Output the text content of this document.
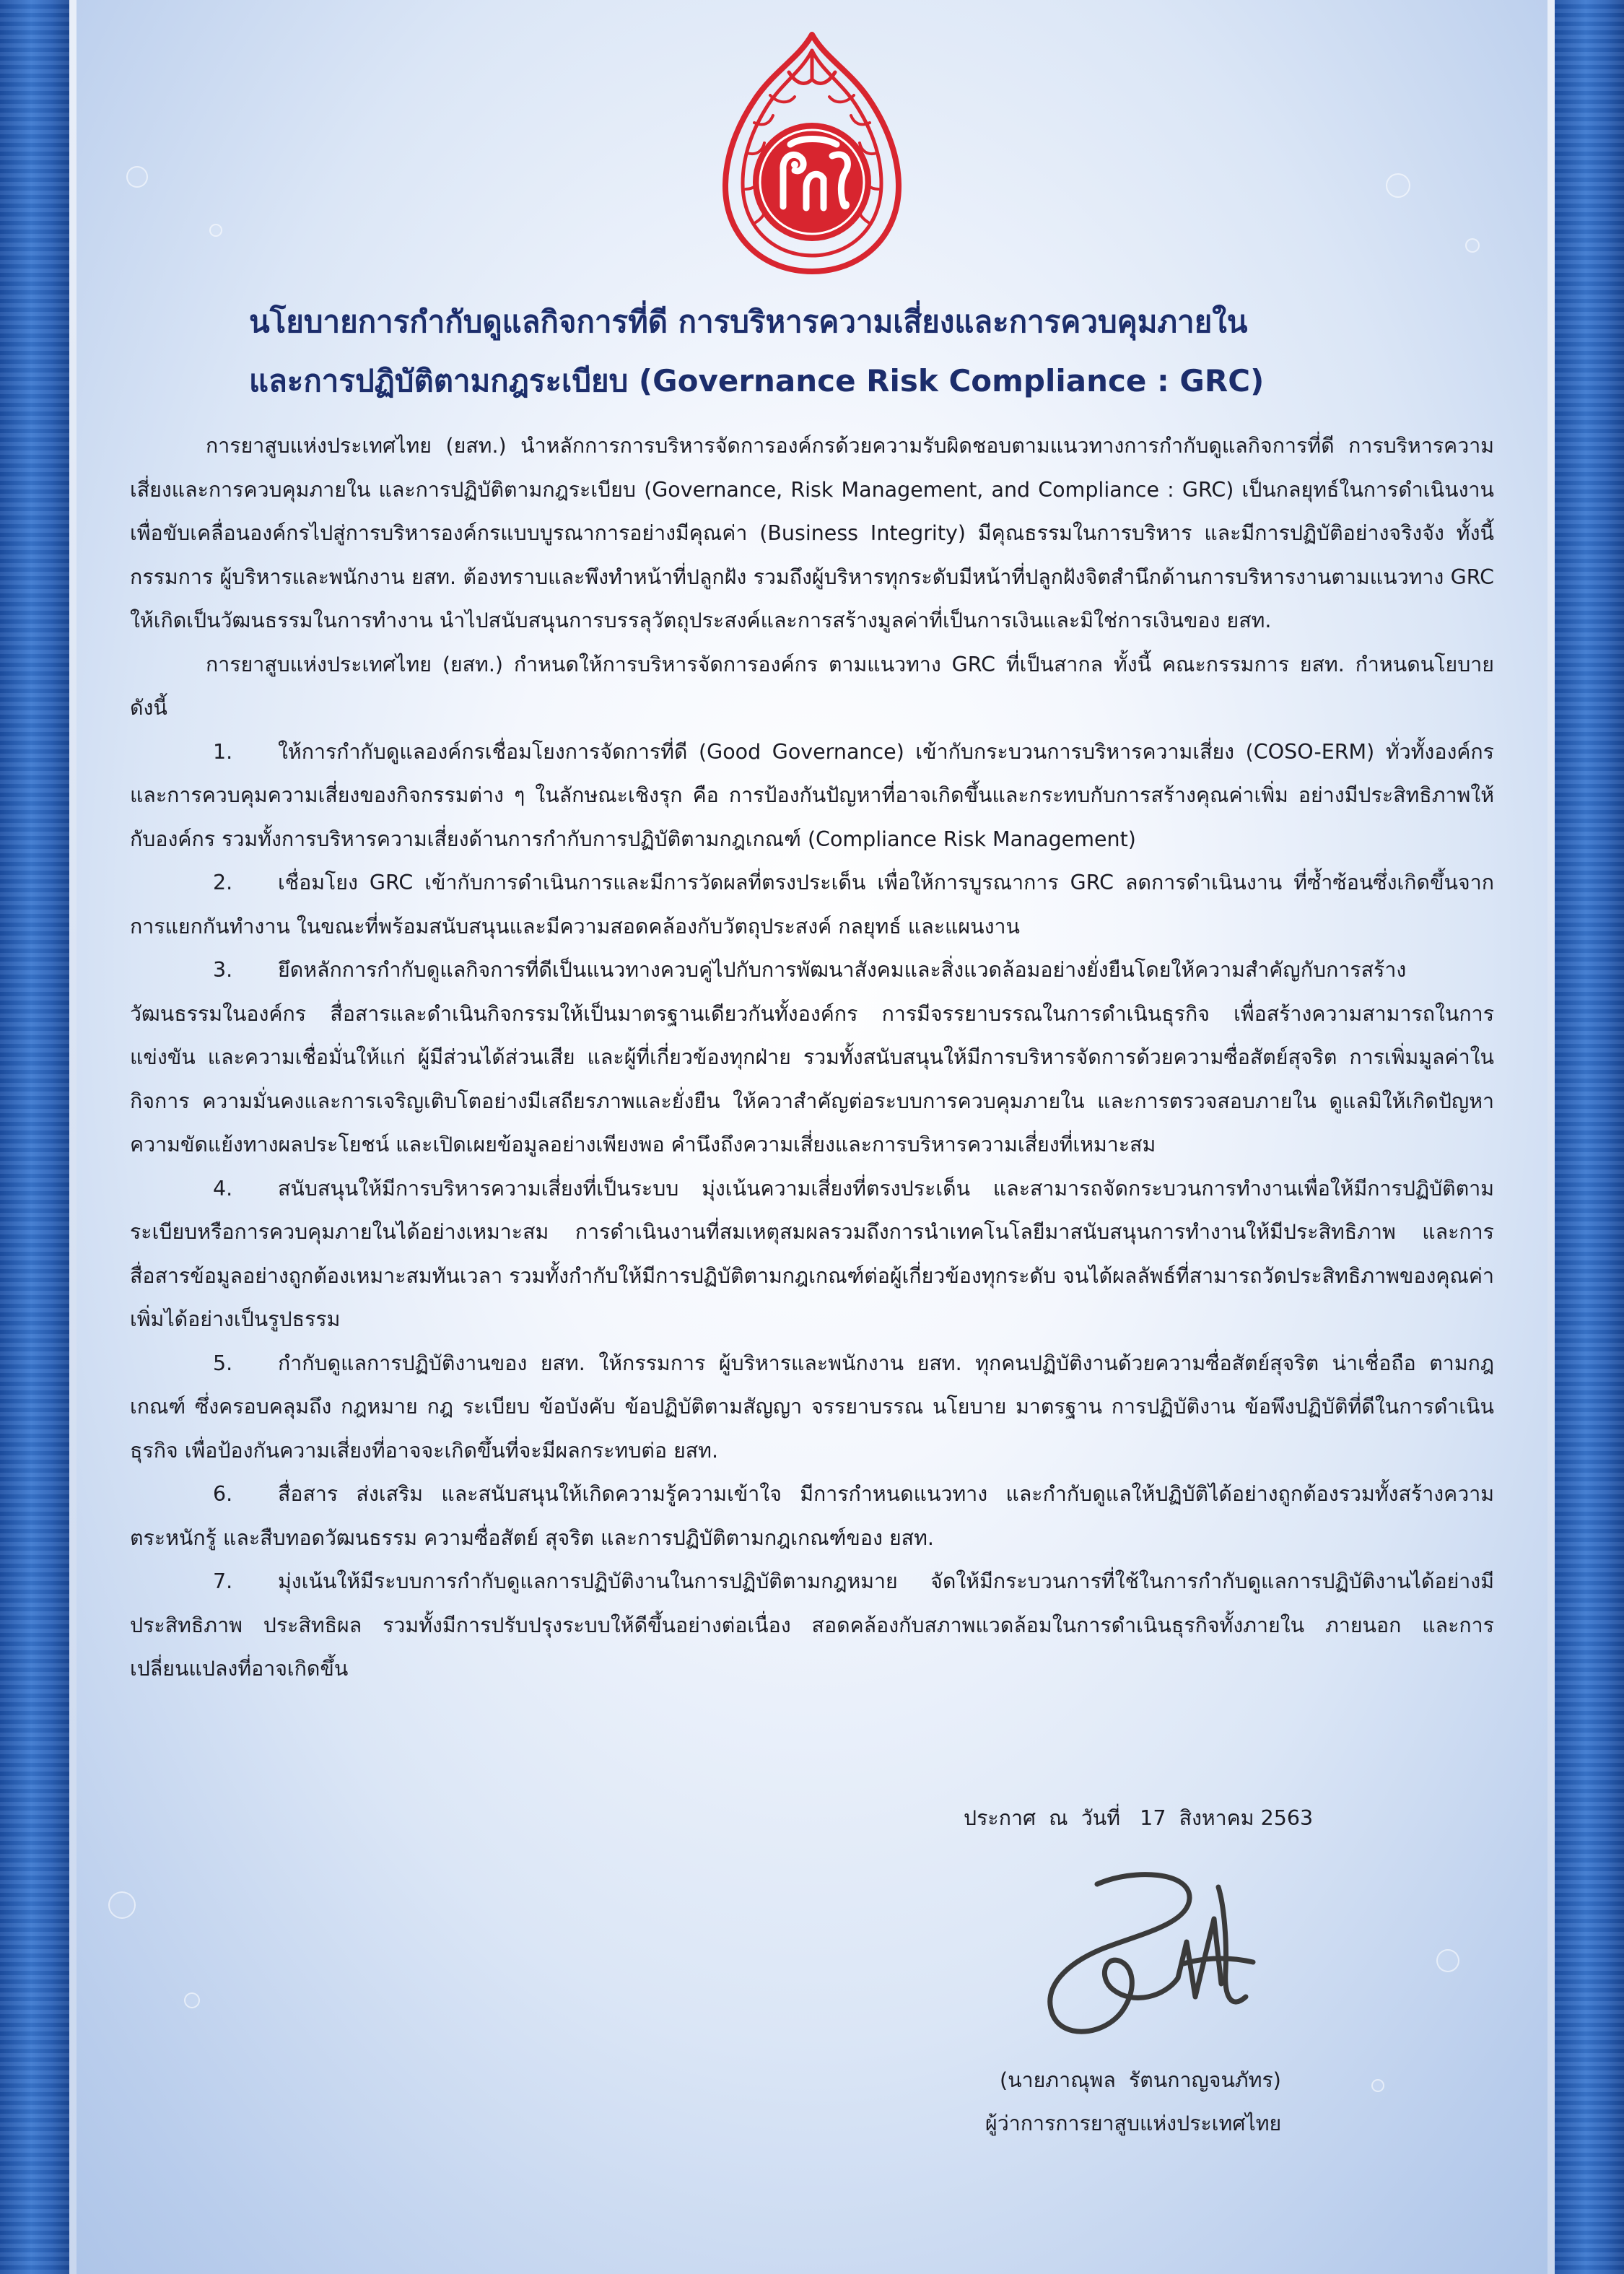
นโยบายการกำกับดูแลกิจการที่ดี การบริหารความเสี่ยงและการควบคุมภายใน
และการปฏิบัติตามกฎระเบียบ (Governance Risk Compliance : GRC)

การยาสูบแห่งประเทศไทย (ยสท.) นำหลักการการบริหารจัดการองค์กรด้วยความรับผิดชอบตามแนวทางการกำกับดูแลกิจการที่ดี การบริหารความเสี่ยงและการควบคุมภายใน และการปฏิบัติตามกฎระเบียบ (Governance, Risk Management, and Compliance : GRC) เป็นกลยุทธ์ในการดำเนินงาน เพื่อขับเคลื่อนองค์กรไปสู่การบริหารองค์กรแบบบูรณาการอย่างมีคุณค่า (Business Integrity) มีคุณธรรมในการบริหาร และมีการปฏิบัติอย่างจริงจัง ทั้งนี้ กรรมการ ผู้บริหารและพนักงาน ยสท. ต้องทราบและพึงทำหน้าที่ปลูกฝัง รวมถึงผู้บริหารทุกระดับมีหน้าที่ปลูกฝังจิตสำนึกด้านการบริหารงานตามแนวทาง GRC ให้เกิดเป็นวัฒนธรรมในการทำงาน นำไปสนับสนุนการบรรลุวัตถุประสงค์และการสร้างมูลค่าที่เป็นการเงินและมิใช่การเงินของ ยสท.

การยาสูบแห่งประเทศไทย (ยสท.) กำหนดให้การบริหารจัดการองค์กร ตามแนวทาง GRC ที่เป็นสากล ทั้งนี้ คณะกรรมการ ยสท. กำหนดนโยบาย ดังนี้

1. ให้การกำกับดูแลองค์กรเชื่อมโยงการจัดการที่ดี (Good Governance) เข้ากับกระบวนการบริหารความเสี่ยง (COSO-ERM) ทั่วทั้งองค์กร และการควบคุมความเสี่ยงของกิจกรรมต่าง ๆ ในลักษณะเชิงรุก คือ การป้องกันปัญหาที่อาจเกิดขึ้นและกระทบกับการสร้างคุณค่าเพิ่ม อย่างมีประสิทธิภาพให้กับองค์กร รวมทั้งการบริหารความเสี่ยงด้านการกำกับการปฏิบัติตามกฎเกณฑ์ (Compliance Risk Management)

2. เชื่อมโยง GRC เข้ากับการดำเนินการและมีการวัดผลที่ตรงประเด็น เพื่อให้การบูรณาการ GRC ลดการดำเนินงาน ที่ซ้ำซ้อนซึ่งเกิดขึ้นจากการแยกกันทำงาน ในขณะที่พร้อมสนับสนุนและมีความสอดคล้องกับวัตถุประสงค์ กลยุทธ์ และแผนงาน

3. ยึดหลักการกำกับดูแลกิจการที่ดีเป็นแนวทางควบคู่ไปกับการพัฒนาสังคมและสิ่งแวดล้อมอย่างยั่งยืนโดยให้ความสำคัญกับการสร้างวัฒนธรรมในองค์กร สื่อสารและดำเนินกิจกรรมให้เป็นมาตรฐานเดียวกันทั้งองค์กร การมีจรรยาบรรณในการดำเนินธุรกิจ เพื่อสร้างความสามารถในการแข่งขัน และความเชื่อมั่นให้แก่ ผู้มีส่วนได้ส่วนเสีย และผู้ที่เกี่ยวข้องทุกฝ่าย รวมทั้งสนับสนุนให้มีการบริหารจัดการด้วยความซื่อสัตย์สุจริต การเพิ่มมูลค่าในกิจการ ความมั่นคงและการเจริญเติบโตอย่างมีเสถียรภาพและยั่งยืน ให้ควาสำคัญต่อระบบการควบคุมภายใน และการตรวจสอบภายใน ดูแลมิให้เกิดปัญหาความขัดแย้งทางผลประโยชน์ และเปิดเผยข้อมูลอย่างเพียงพอ คำนึงถึงความเสี่ยงและการบริหารความเสี่ยงที่เหมาะสม

4. สนับสนุนให้มีการบริหารความเสี่ยงที่เป็นระบบ มุ่งเน้นความเสี่ยงที่ตรงประเด็น และสามารถจัดกระบวนการทำงานเพื่อให้มีการปฏิบัติตามระเบียบหรือการควบคุมภายในได้อย่างเหมาะสม การดำเนินงานที่สมเหตุสมผลรวมถึงการนำเทคโนโลยีมาสนับสนุนการทำงานให้มีประสิทธิภาพ และการสื่อสารข้อมูลอย่างถูกต้องเหมาะสมทันเวลา รวมทั้งกำกับให้มีการปฏิบัติตามกฎเกณฑ์ต่อผู้เกี่ยวข้องทุกระดับ จนได้ผลลัพธ์ที่สามารถวัดประสิทธิภาพของคุณค่าเพิ่มได้อย่างเป็นรูปธรรม

5. กำกับดูแลการปฏิบัติงานของ ยสท. ให้กรรมการ ผู้บริหารและพนักงาน ยสท. ทุกคนปฏิบัติงานด้วยความซื่อสัตย์สุจริต น่าเชื่อถือ ตามกฎเกณฑ์ ซึ่งครอบคลุมถึง กฎหมาย กฎ ระเบียบ ข้อบังคับ ข้อปฏิบัติตามสัญญา จรรยาบรรณ นโยบาย มาตรฐาน การปฏิบัติงาน ข้อพึงปฏิบัติที่ดีในการดำเนินธุรกิจ เพื่อป้องกันความเสี่ยงที่อาจจะเกิดขึ้นที่จะมีผลกระทบต่อ ยสท.

6. สื่อสาร ส่งเสริม และสนับสนุนให้เกิดความรู้ความเข้าใจ มีการกำหนดแนวทาง และกำกับดูแลให้ปฏิบัติได้อย่างถูกต้องรวมทั้งสร้างความตระหนักรู้ และสืบทอดวัฒนธรรม ความซื่อสัตย์ สุจริต และการปฏิบัติตามกฎเกณฑ์ของ ยสท.

7. มุ่งเน้นให้มีระบบการกำกับดูแลการปฏิบัติงานในการปฏิบัติตามกฎหมาย จัดให้มีกระบวนการที่ใช้ในการกำกับดูแลการปฏิบัติงานได้อย่างมีประสิทธิภาพ ประสิทธิผล รวมทั้งมีการปรับปรุงระบบให้ดีขึ้นอย่างต่อเนื่อง สอดคล้องกับสภาพแวดล้อมในการดำเนินธุรกิจทั้งภายใน ภายนอก และการเปลี่ยนแปลงที่อาจเกิดขึ้น

ประกาศ  ณ  วันที่   17  สิงหาคม 2563
(นายภาณุพล  รัตนกาญจนภัทร)
ผู้ว่าการการยาสูบแห่งประเทศไทย
